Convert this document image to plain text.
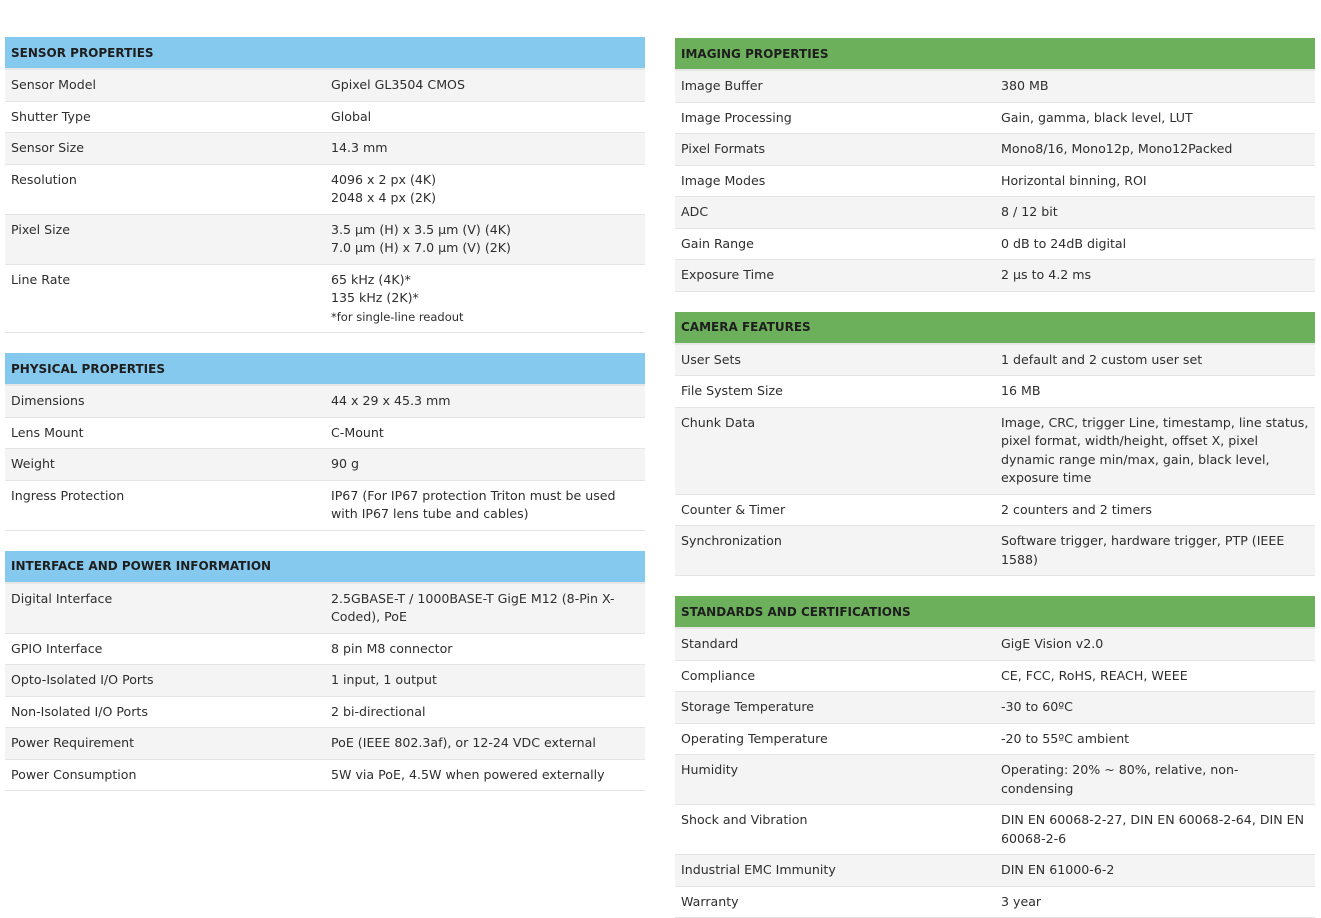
SENSOR PROPERTIES	
Sensor Model	Gpixel GL3504 CMOS

Shutter Type	Global

Sensor Size	14.3 mm

Resolution	4096 x 2 px (4K)
2048 x 4 px (2K)

Pixel Size	3.5 µm (H) x 3.5 µm (V) (4K)
7.0 µm (H) x 7.0 µm (V) (2K)

Line Rate	65 kHz (4K)*
135 kHz (2K)*
*for single-line readout
PHYSICAL PROPERTIES	
Dimensions	44 x 29 x 45.3 mm

Lens Mount	C-Mount

Weight	90 g

Ingress Protection	IP67 (For IP67 protection Triton must be used with IP67 lens tube and cables)
INTERFACE AND POWER INFORMATION	
Digital Interface	2.5GBASE-T / 1000BASE-T GigE M12 (8-Pin X-Coded), PoE

GPIO Interface	8 pin M8 connector

Opto-Isolated I/O Ports	1 input, 1 output

Non-Isolated I/O Ports	2 bi-directional

Power Requirement	PoE (IEEE 802.3af), or 12-24 VDC external

Power Consumption	5W via PoE, 4.5W when powered externally
IMAGING PROPERTIES	
Image Buffer	380 MB

Image Processing	Gain, gamma, black level, LUT

Pixel Formats	Mono8/16, Mono12p, Mono12Packed

Image Modes	Horizontal binning, ROI

ADC	8 / 12 bit

Gain Range	0 dB to 24dB digital

Exposure Time	2 µs to 4.2 ms
CAMERA FEATURES	
User Sets	1 default and 2 custom user set

File System Size	16 MB

Chunk Data	Image, CRC, trigger Line, timestamp, line status, pixel format, width/height, offset X, pixel dynamic range min/max, gain, black level, exposure time

Counter & Timer	2 counters and 2 timers

Synchronization	Software trigger, hardware trigger, PTP (IEEE 1588)
STANDARDS AND CERTIFICATIONS	
Standard	GigE Vision v2.0

Compliance	CE, FCC, RoHS, REACH, WEEE

Storage Temperature	-30 to 60ºC

Operating Temperature	-20 to 55ºC ambient

Humidity	Operating: 20% ~ 80%, relative, non-condensing

Shock and Vibration	DIN EN 60068-2-27, DIN EN 60068-2-64, DIN EN 60068-2-6

Industrial EMC Immunity	DIN EN 61000-6-2

Warranty	3 year
